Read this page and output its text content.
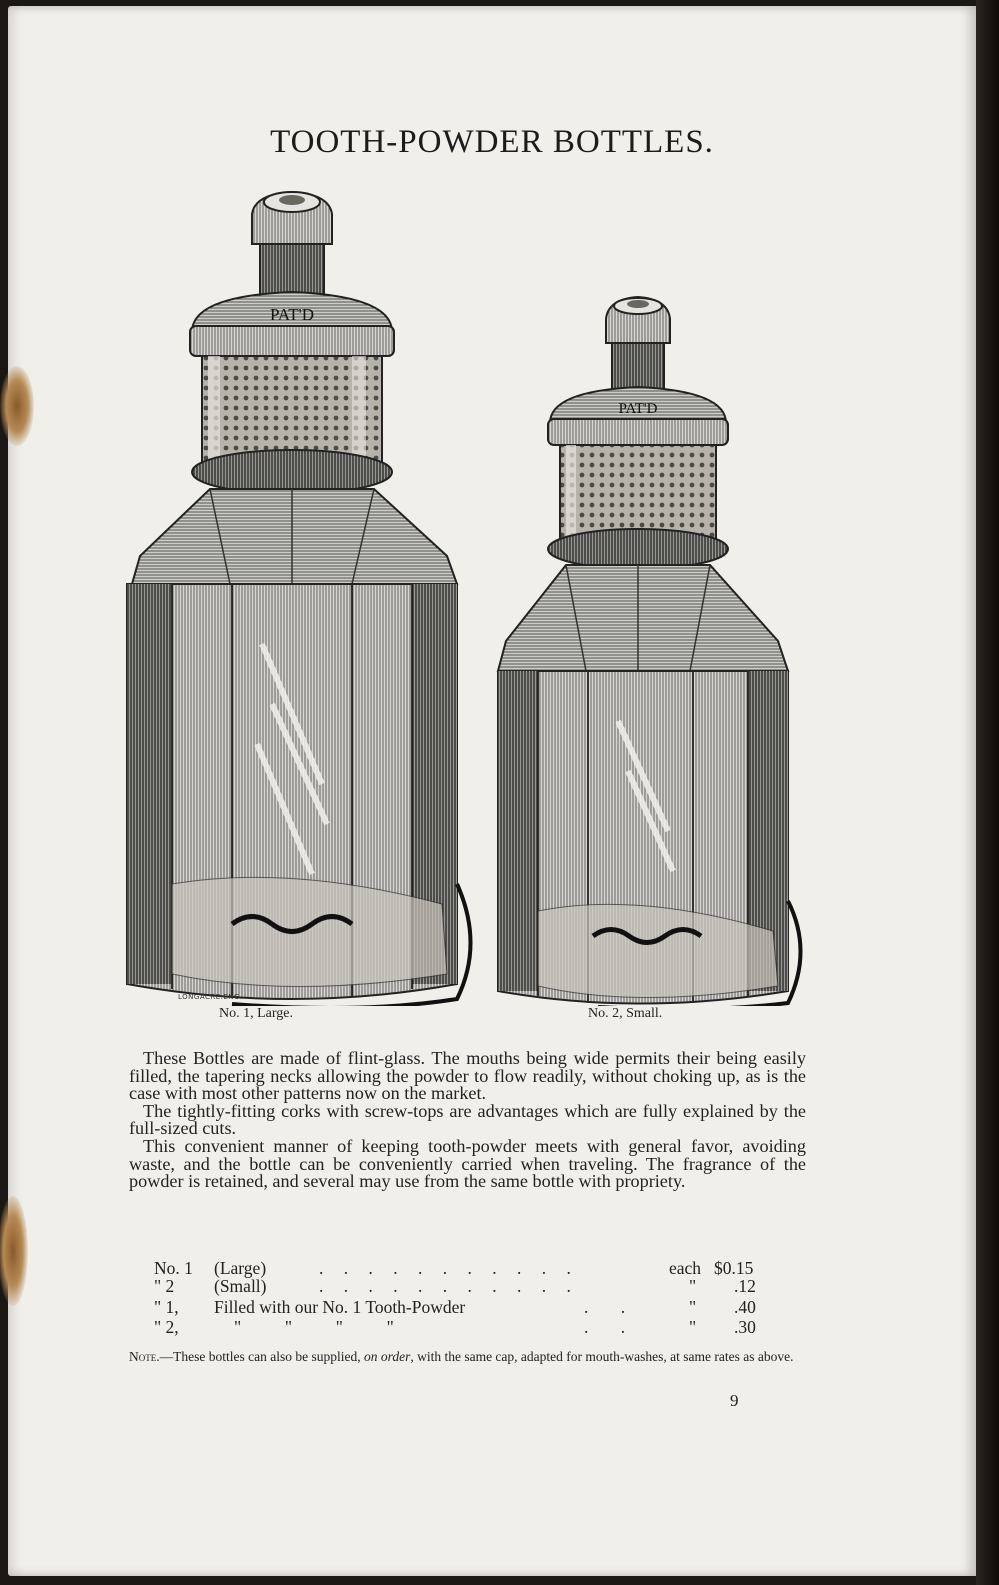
TOOTH-POWDER BOTTLES.
PAT'D
LONGACRE.ENG.
PAT'D
No. 1, Large.	No. 2, Small.

These Bottles are made of flint-glass. The mouths being wide permits their being easily filled, the tapering necks allowing the powder to flow readily, without choking up, as is the case with most other patterns now on the market.

The tightly-fitting corks with screw-tops are advantages which are fully explained by the full-sized cuts.

This convenient manner of keeping tooth-powder meets with general favor, avoiding waste, and the bottle can be conveniently carried when traveling. The fragrance of the powder is retained, and several may use from the same bottle with propriety.

No. 1 (Large)	. . . . . . . . . . .	each $0.15
" 2 (Small)	. . . . . . . . . . .	" .12
" 1, Filled with our No. 1 Tooth-Powder	. .	" .40
" 2,	"          "          "          "	. .	" .30
Note.—These bottles can also be supplied, on order, with the same cap, adapted for mouth-washes, at same rates as above.
9
